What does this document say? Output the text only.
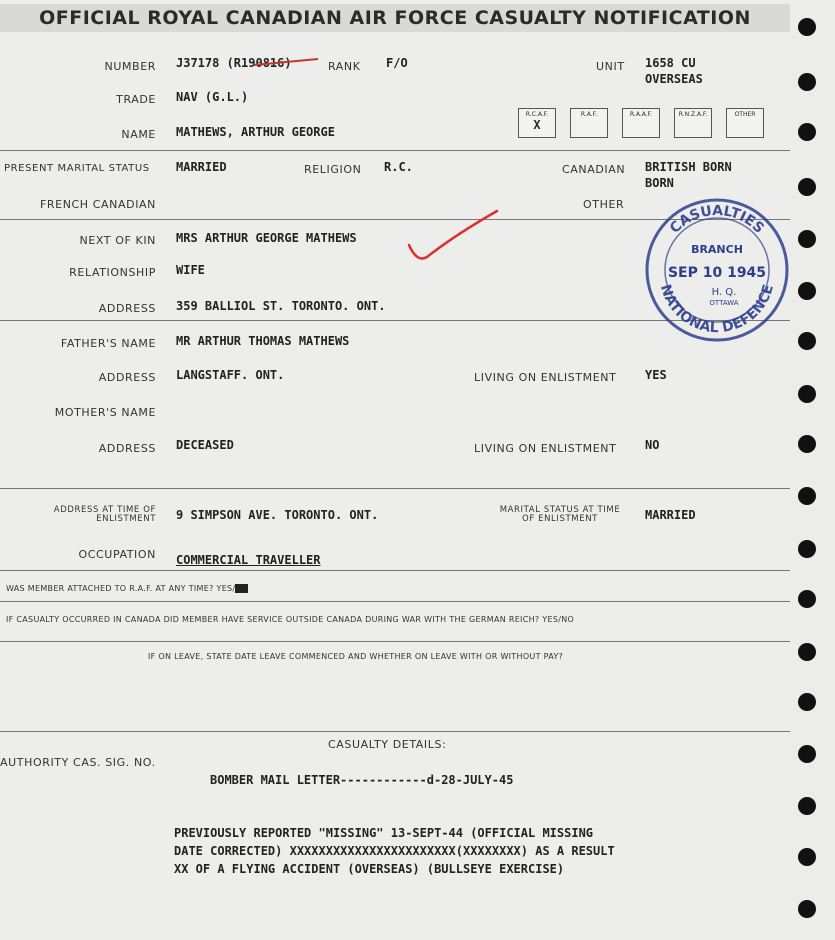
OFFICIAL ROYAL CANADIAN AIR FORCE CASUALTY NOTIFICATION
NUMBER J37178 (R190816)	RANK F/O	UNIT 1658 CU
OVERSEAS
TRADE NAV (G.L.)
R.C.A.F.
X
R.A.F.	R.A.A.F.	R.N.Z.A.F.	OTHER
NAME MATHEWS, ARTHUR GEORGE
PRESENT MARITAL STATUS MARRIED	RELIGION R.C.	CANADIAN BRITISH BORN
BORN
FRENCH CANADIAN	OTHER
NEXT OF KIN MRS ARTHUR GEORGE MATHEWS
RELATIONSHIP WIFE
ADDRESS 359 BALLIOL ST. TORONTO. ONT.
FATHER'S NAME MR ARTHUR THOMAS MATHEWS
ADDRESS LANGSTAFF. ONT.	LIVING ON ENLISTMENT YES
MOTHER'S NAME
ADDRESS DECEASED	LIVING ON ENLISTMENT NO
ADDRESS AT TIME OF ENLISTMENT 9 SIMPSON AVE. TORONTO. ONT.	MARITAL STATUS AT TIME OF ENLISTMENT	MARRIED
OCCUPATION COMMERCIAL TRAVELLER
WAS MEMBER ATTACHED TO R.A.F. AT ANY TIME? YES/NO
IF CASUALTY OCCURRED IN CANADA DID MEMBER HAVE SERVICE OUTSIDE CANADA DURING WAR WITH THE GERMAN REICH? YES/NO
IF ON LEAVE, STATE DATE LEAVE COMMENCED AND WHETHER ON LEAVE WITH OR WITHOUT PAY?
CASUALTY DETAILS:
AUTHORITY CAS. SIG. NO.
BOMBER MAIL LETTER------------d-28-JULY-45
PREVIOUSLY REPORTED "MISSING" 13-SEPT-44 (OFFICIAL MISSING
DATE CORRECTED) XXXXXXXXXXXXXXXXXXXXXXX(XXXXXXXX) AS A RESULT
XX OF A FLYING ACCIDENT (OVERSEAS) (BULLSEYE EXERCISE)
CASUALTIES
BRANCH
SEP 10 1945
H. Q.
OTTAWA
NATIONAL DEFENCE
